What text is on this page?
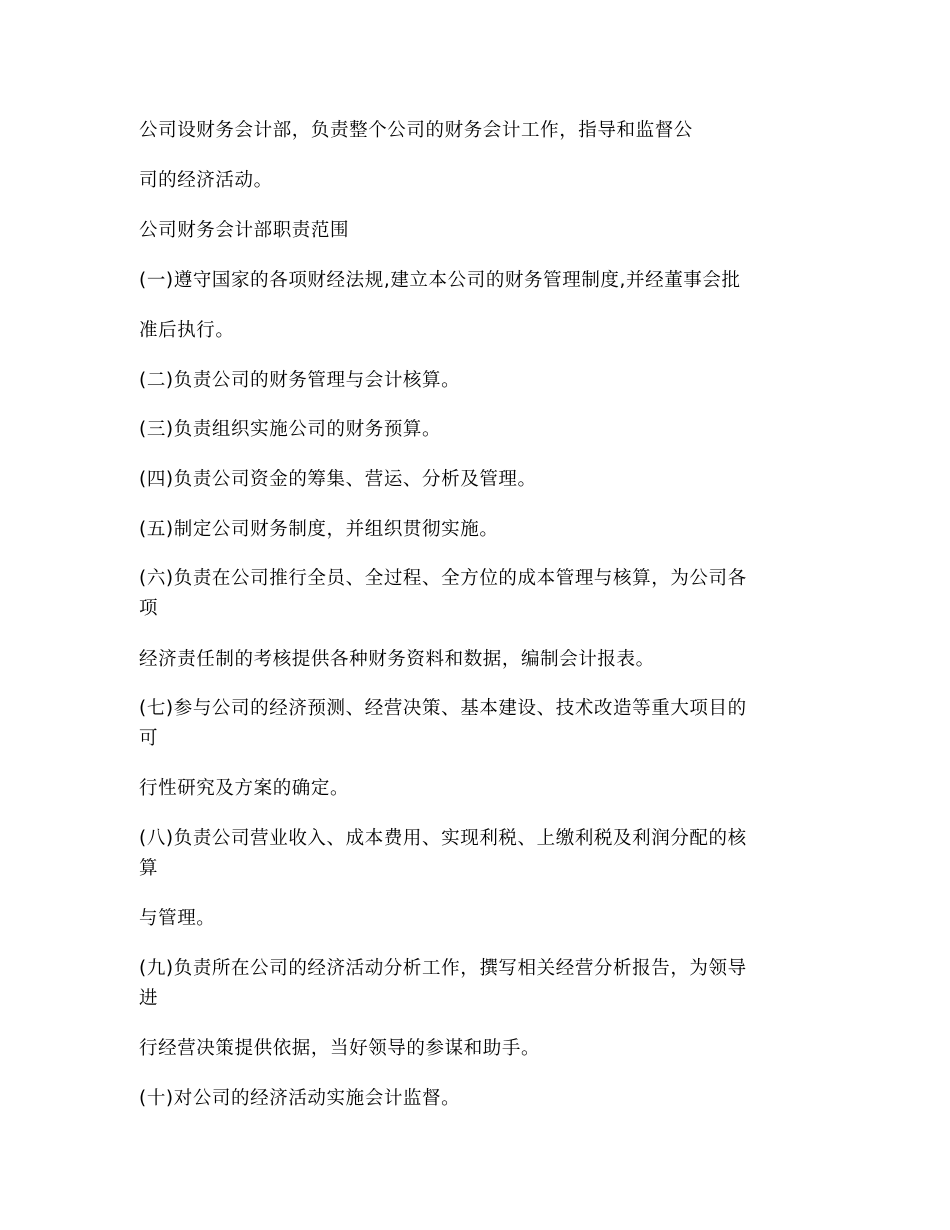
公司设财务会计部，负责整个公司的财务会计工作，指导和监督公
司的经济活动。
公司财务会计部职责范围
(一)遵守国家的各项财经法规,建立本公司的财务管理制度,并经董事会批
准后执行。
(二)负责公司的财务管理与会计核算。
(三)负责组织实施公司的财务预算。
(四)负责公司资金的筹集、营运、分析及管理。
(五)制定公司财务制度，并组织贯彻实施。
(六)负责在公司推行全员、全过程、全方位的成本管理与核算，为公司各
项
经济责任制的考核提供各种财务资料和数据，编制会计报表。
(七)参与公司的经济预测、经营决策、基本建设、技术改造等重大项目的
可
行性研究及方案的确定。
(八)负责公司营业收入、成本费用、实现利税、上缴利税及利润分配的核
算
与管理。
(九)负责所在公司的经济活动分析工作，撰写相关经营分析报告，为领导
进
行经营决策提供依据，当好领导的参谋和助手。
(十)对公司的经济活动实施会计监督。
